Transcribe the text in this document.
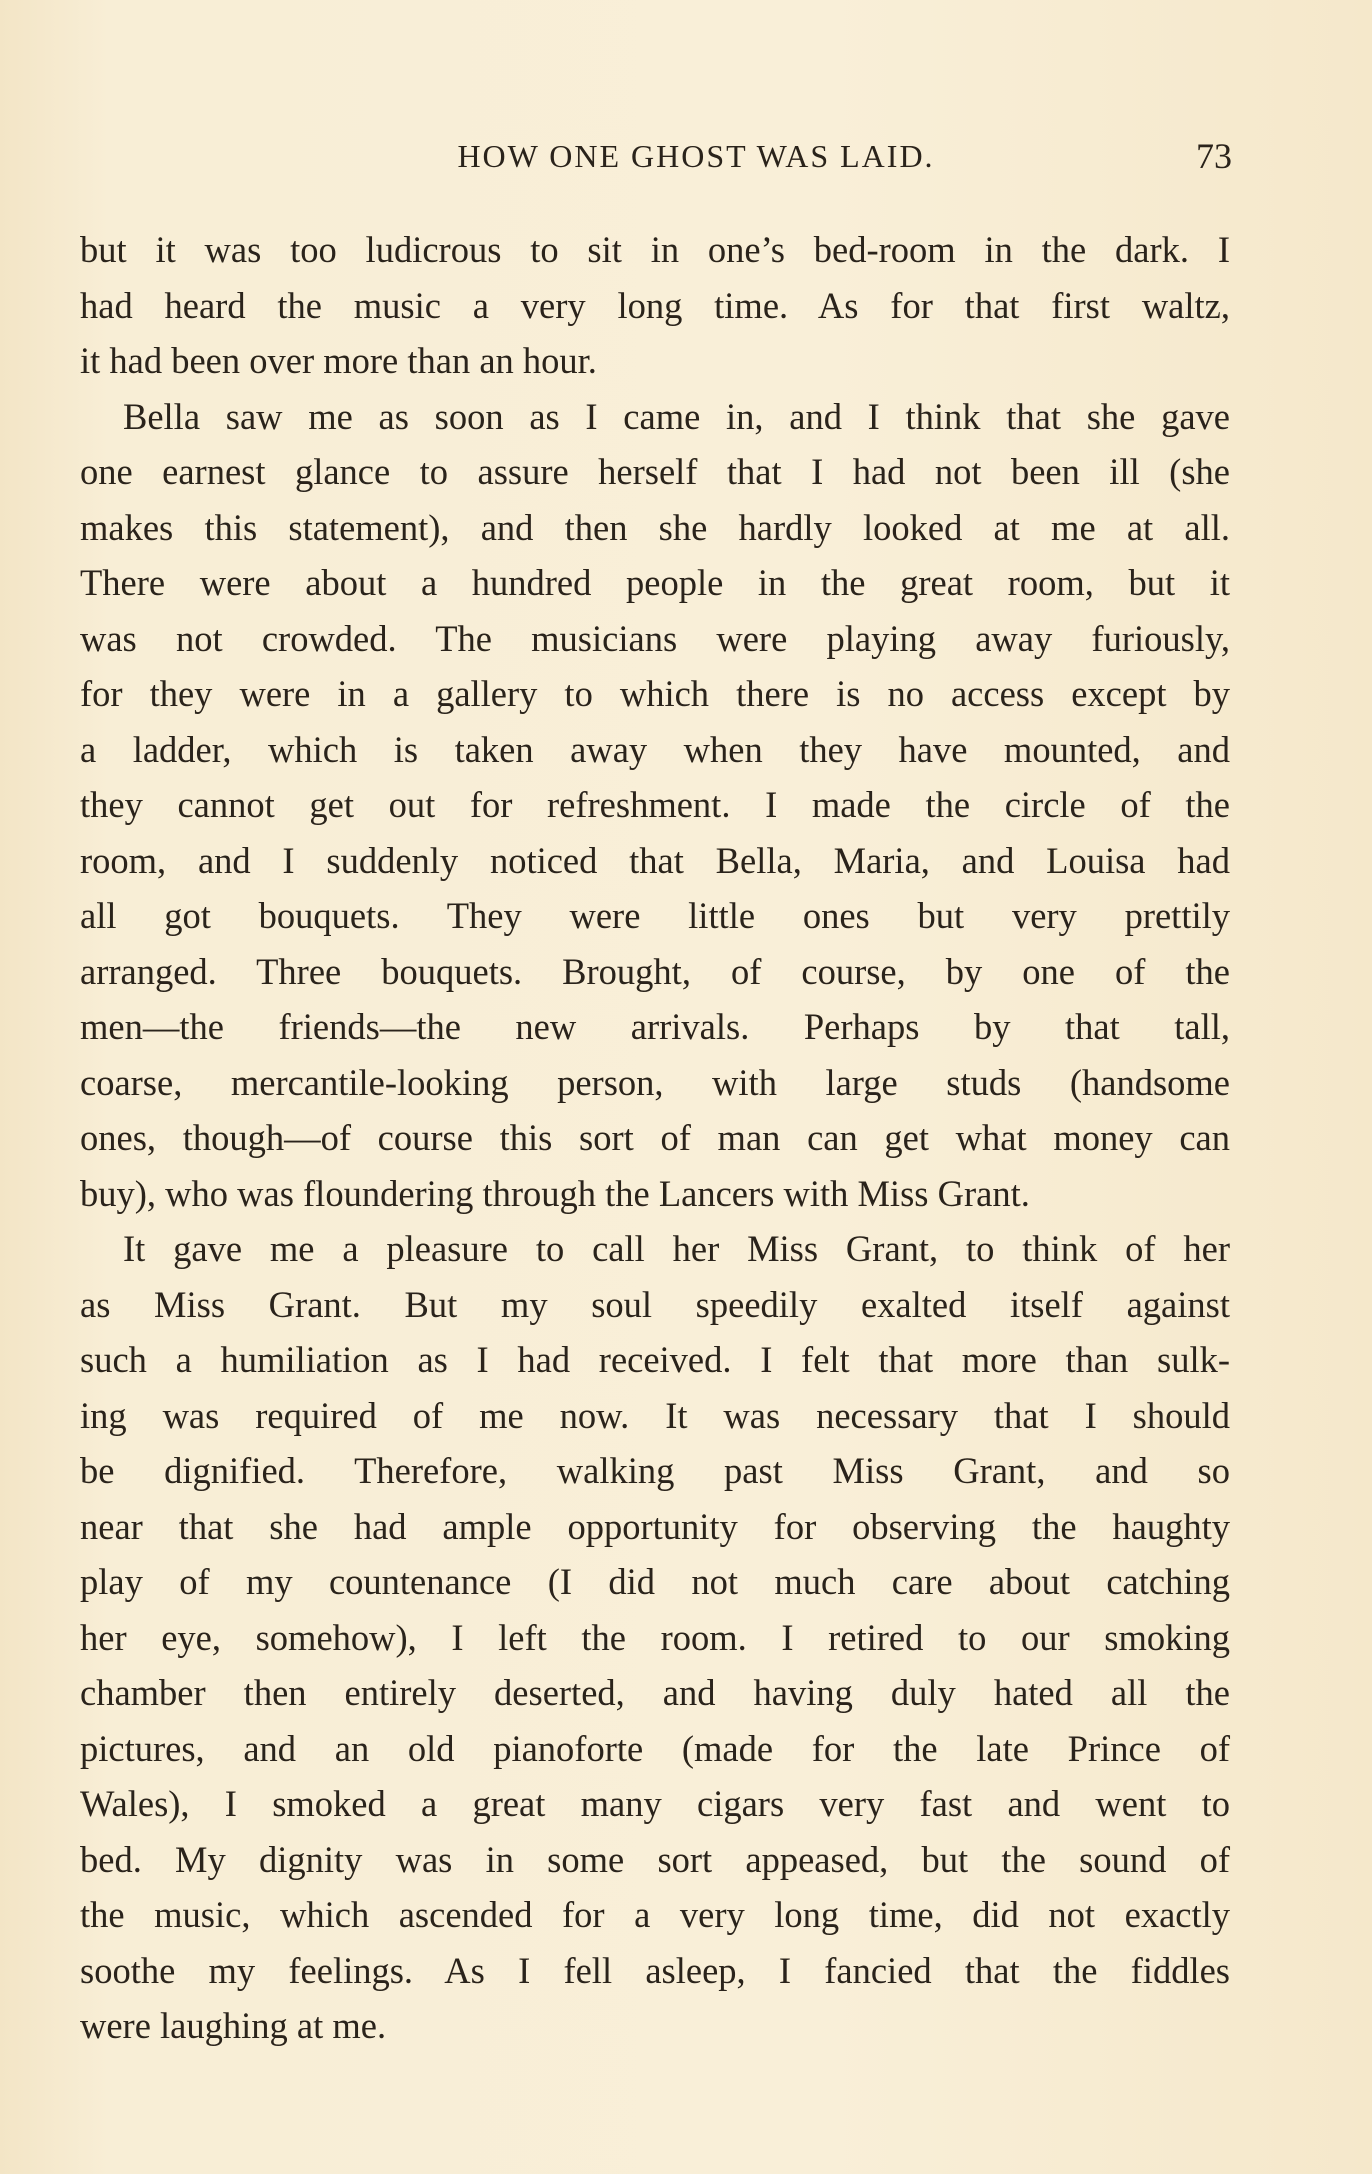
HOW ONE GHOST WAS LAID.	73
but it was too ludicrous to sit in one’s bed-room in the dark. I
had heard the music a very long time. As for that first waltz,
it had been over more than an hour.
Bella saw me as soon as I came in, and I think that she gave
one earnest glance to assure herself that I had not been ill (she
makes this statement), and then she hardly looked at me at all.
There were about a hundred people in the great room, but it
was not crowded. The musicians were playing away furiously,
for they were in a gallery to which there is no access except by
a ladder, which is taken away when they have mounted, and
they cannot get out for refreshment. I made the circle of the
room, and I suddenly noticed that Bella, Maria, and Louisa had
all got bouquets. They were little ones but very prettily
arranged. Three bouquets. Brought, of course, by one of the
men—the friends—the new arrivals. Perhaps by that tall,
coarse, mercantile-looking person, with large studs (handsome
ones, though—of course this sort of man can get what money can
buy), who was floundering through the Lancers with Miss Grant.
It gave me a pleasure to call her Miss Grant, to think of her
as Miss Grant. But my soul speedily exalted itself against
such a humiliation as I had received. I felt that more than sulk-
ing was required of me now. It was necessary that I should
be dignified. Therefore, walking past Miss Grant, and so
near that she had ample opportunity for observing the haughty
play of my countenance (I did not much care about catching
her eye, somehow), I left the room. I retired to our smoking
chamber then entirely deserted, and having duly hated all the
pictures, and an old pianoforte (made for the late Prince of
Wales), I smoked a great many cigars very fast and went to
bed. My dignity was in some sort appeased, but the sound of
the music, which ascended for a very long time, did not exactly
soothe my feelings. As I fell asleep, I fancied that the fiddles
were laughing at me.
